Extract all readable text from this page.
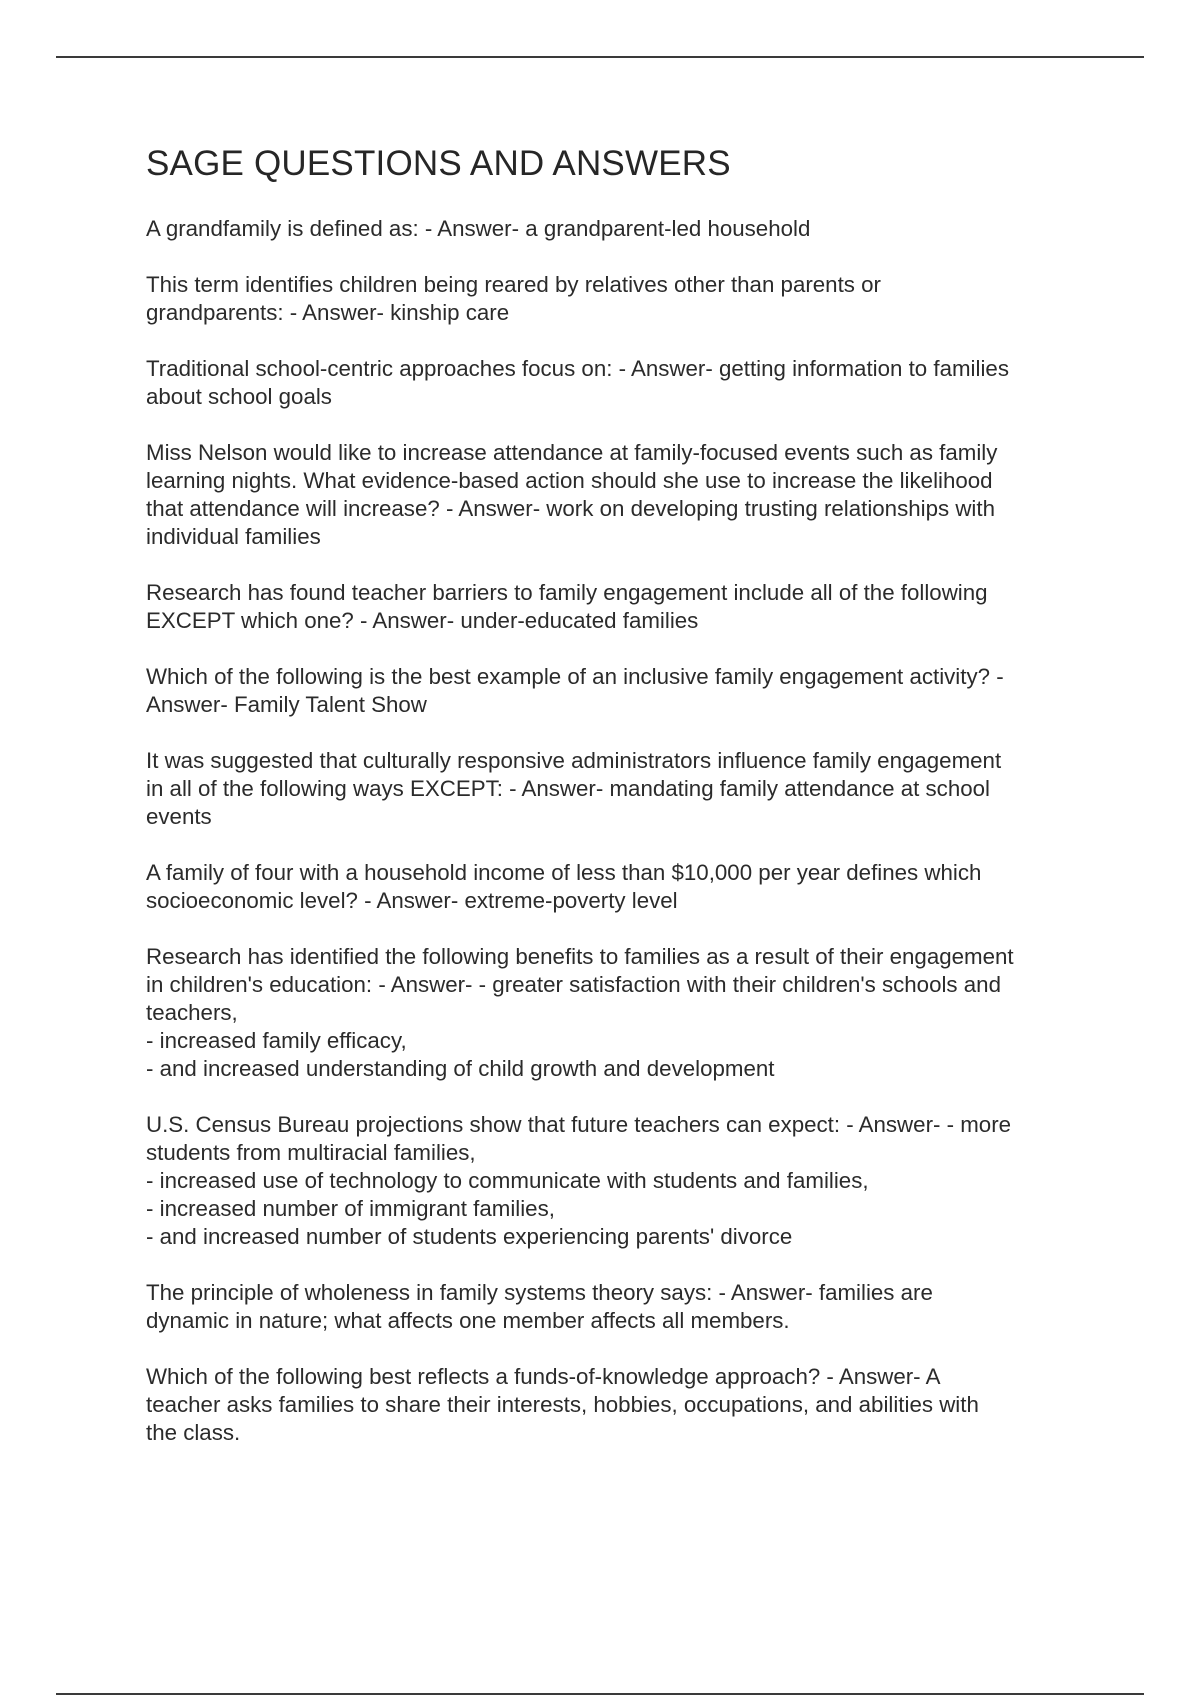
SAGE QUESTIONS AND ANSWERS

A grandfamily is defined as: - Answer- a grandparent-led household

This term identifies children being reared by relatives other than parents or
grandparents: - Answer- kinship care

Traditional school-centric approaches focus on: - Answer- getting information to families
about school goals

Miss Nelson would like to increase attendance at family-focused events such as family
learning nights. What evidence-based action should she use to increase the likelihood
that attendance will increase? - Answer- work on developing trusting relationships with
individual families

Research has found teacher barriers to family engagement include all of the following
EXCEPT which one? - Answer- under-educated families

Which of the following is the best example of an inclusive family engagement activity? -
Answer- Family Talent Show

It was suggested that culturally responsive administrators influence family engagement
in all of the following ways EXCEPT: - Answer- mandating family attendance at school
events

A family of four with a household income of less than $10,000 per year defines which
socioeconomic level? - Answer- extreme-poverty level

Research has identified the following benefits to families as a result of their engagement
in children's education: - Answer- - greater satisfaction with their children's schools and
teachers,
- increased family efficacy,
- and increased understanding of child growth and development

U.S. Census Bureau projections show that future teachers can expect: - Answer- - more
students from multiracial families,
- increased use of technology to communicate with students and families,
- increased number of immigrant families,
- and increased number of students experiencing parents' divorce

The principle of wholeness in family systems theory says: - Answer- families are
dynamic in nature; what affects one member affects all members.

Which of the following best reflects a funds-of-knowledge approach? - Answer- A
teacher asks families to share their interests, hobbies, occupations, and abilities with
the class.
